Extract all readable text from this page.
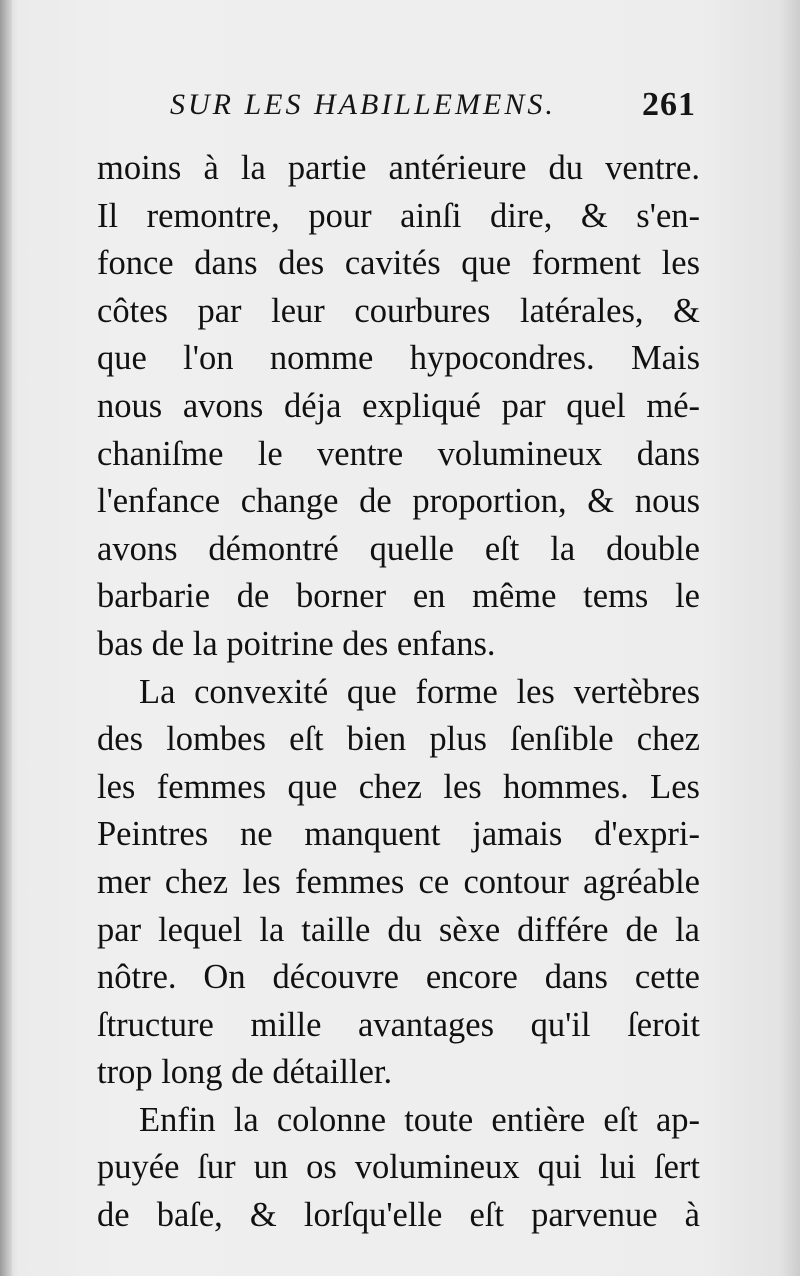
SUR LES HABILLEMENS.	261
moins à la partie antérieure du ventre.
Il remontre, pour ainſi dire, & s'en-
fonce dans des cavités que forment les
côtes par leur courbures latérales, &
que l'on nomme hypocondres. Mais
nous avons déja expliqué par quel mé-
chaniſme le ventre volumineux dans
l'enfance change de proportion, & nous
avons démontré quelle eſt la double
barbarie de borner en même tems le
bas de la poitrine des enfans.
La convexité que forme les vertèbres
des lombes eſt bien plus ſenſible chez
les femmes que chez les hommes. Les
Peintres ne manquent jamais d'expri-
mer chez les femmes ce contour agréable
par lequel la taille du sèxe différe de la
nôtre. On découvre encore dans cette
ſtructure mille avantages qu'il ſeroit
trop long de détailler.
Enfin la colonne toute entière eſt ap-
puyée ſur un os volumineux qui lui ſert
de baſe, & lorſqu'elle eſt parvenue à
